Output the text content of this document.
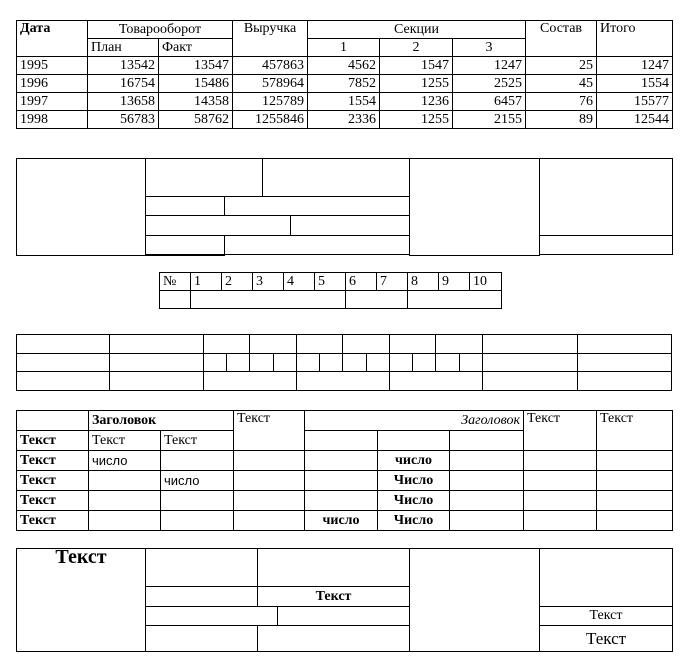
Дата	Товарооборот		Выручка	Секции			Состав	Итого
	План	Факт		1	2	3		
1995	13542	13547	457863	4562	1547	1247	25	1247
1996	16754	15486	578964	7852	1255	2525	45	1554
1997	13658	14358	125789	1554	1236	6457	76	15577
1998	56783	58762	1255846	2336	1255	2155	89	12544

№	1	2	3	4	5	6	7	8	9	10

	Заголовок		Текст	Заголовок			Текст	Текст
Текст	Текст	Текст						
Текст	число				число			
Текст		число			Число			
Текст					Число			
Текст				число	Число			
Текст					
		Текст			
					Текст
					Текст
